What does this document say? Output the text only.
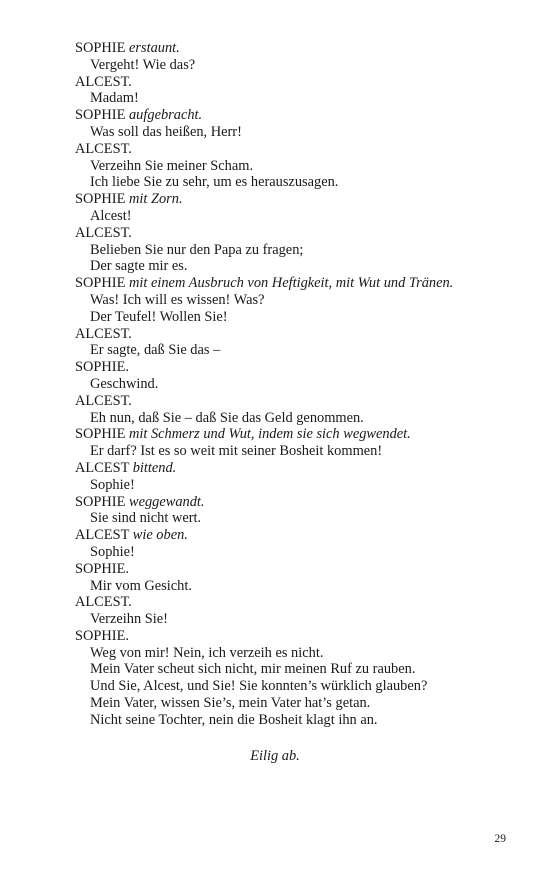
SOPHIE erstaunt.
Vergeht! Wie das?
ALCEST.
Madam!
SOPHIE aufgebracht.
Was soll das heißen, Herr!
ALCEST.
Verzeihn Sie meiner Scham.
Ich liebe Sie zu sehr, um es herauszusagen.
SOPHIE mit Zorn.
Alcest!
ALCEST.
Belieben Sie nur den Papa zu fragen;
Der sagte mir es.
SOPHIE mit einem Ausbruch von Heftigkeit, mit Wut und Tränen.
Was! Ich will es wissen! Was?
Der Teufel! Wollen Sie!
ALCEST.
Er sagte, daß Sie das –
SOPHIE.
Geschwind.
ALCEST.
Eh nun, daß Sie – daß Sie das Geld genommen.
SOPHIE mit Schmerz und Wut, indem sie sich wegwendet.
Er darf? Ist es so weit mit seiner Bosheit kommen!
ALCEST bittend.
Sophie!
SOPHIE weggewandt.
Sie sind nicht wert.
ALCEST wie oben.
Sophie!
SOPHIE.
Mir vom Gesicht.
ALCEST.
Verzeihn Sie!
SOPHIE.
Weg von mir! Nein, ich verzeih es nicht.
Mein Vater scheut sich nicht, mir meinen Ruf zu rauben.
Und Sie, Alcest, und Sie! Sie konnten’s würklich glauben?
Mein Vater, wissen Sie’s, mein Vater hat’s getan.
Nicht seine Tochter, nein die Bosheit klagt ihn an.
Eilig ab.
29
